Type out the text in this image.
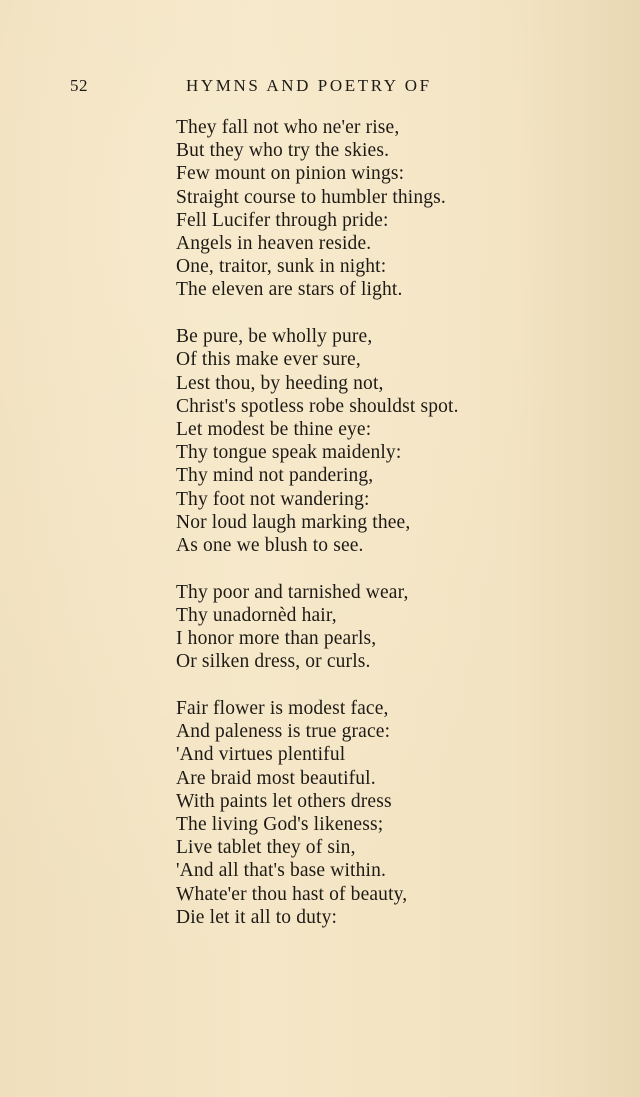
52	HYMNS AND POETRY OF
They fall not who ne'er rise,
But they who try the skies.
Few mount on pinion wings:
Straight course to humbler things.
Fell Lucifer through pride:
Angels in heaven reside.
One, traitor, sunk in night:
The eleven are stars of light.
Be pure, be wholly pure,
Of this make ever sure,
Lest thou, by heeding not,
Christ's spotless robe shouldst spot.
Let modest be thine eye:
Thy tongue speak maidenly:
Thy mind not pandering,
Thy foot not wandering:
Nor loud laugh marking thee,
As one we blush to see.
Thy poor and tarnished wear,
Thy unadornèd hair,
I honor more than pearls,
Or silken dress, or curls.
Fair flower is modest face,
And paleness is true grace:
'And virtues plentiful
Are braid most beautiful.
With paints let others dress
The living God's likeness;
Live tablet they of sin,
'And all that's base within.
Whate'er thou hast of beauty,
Die let it all to duty:
